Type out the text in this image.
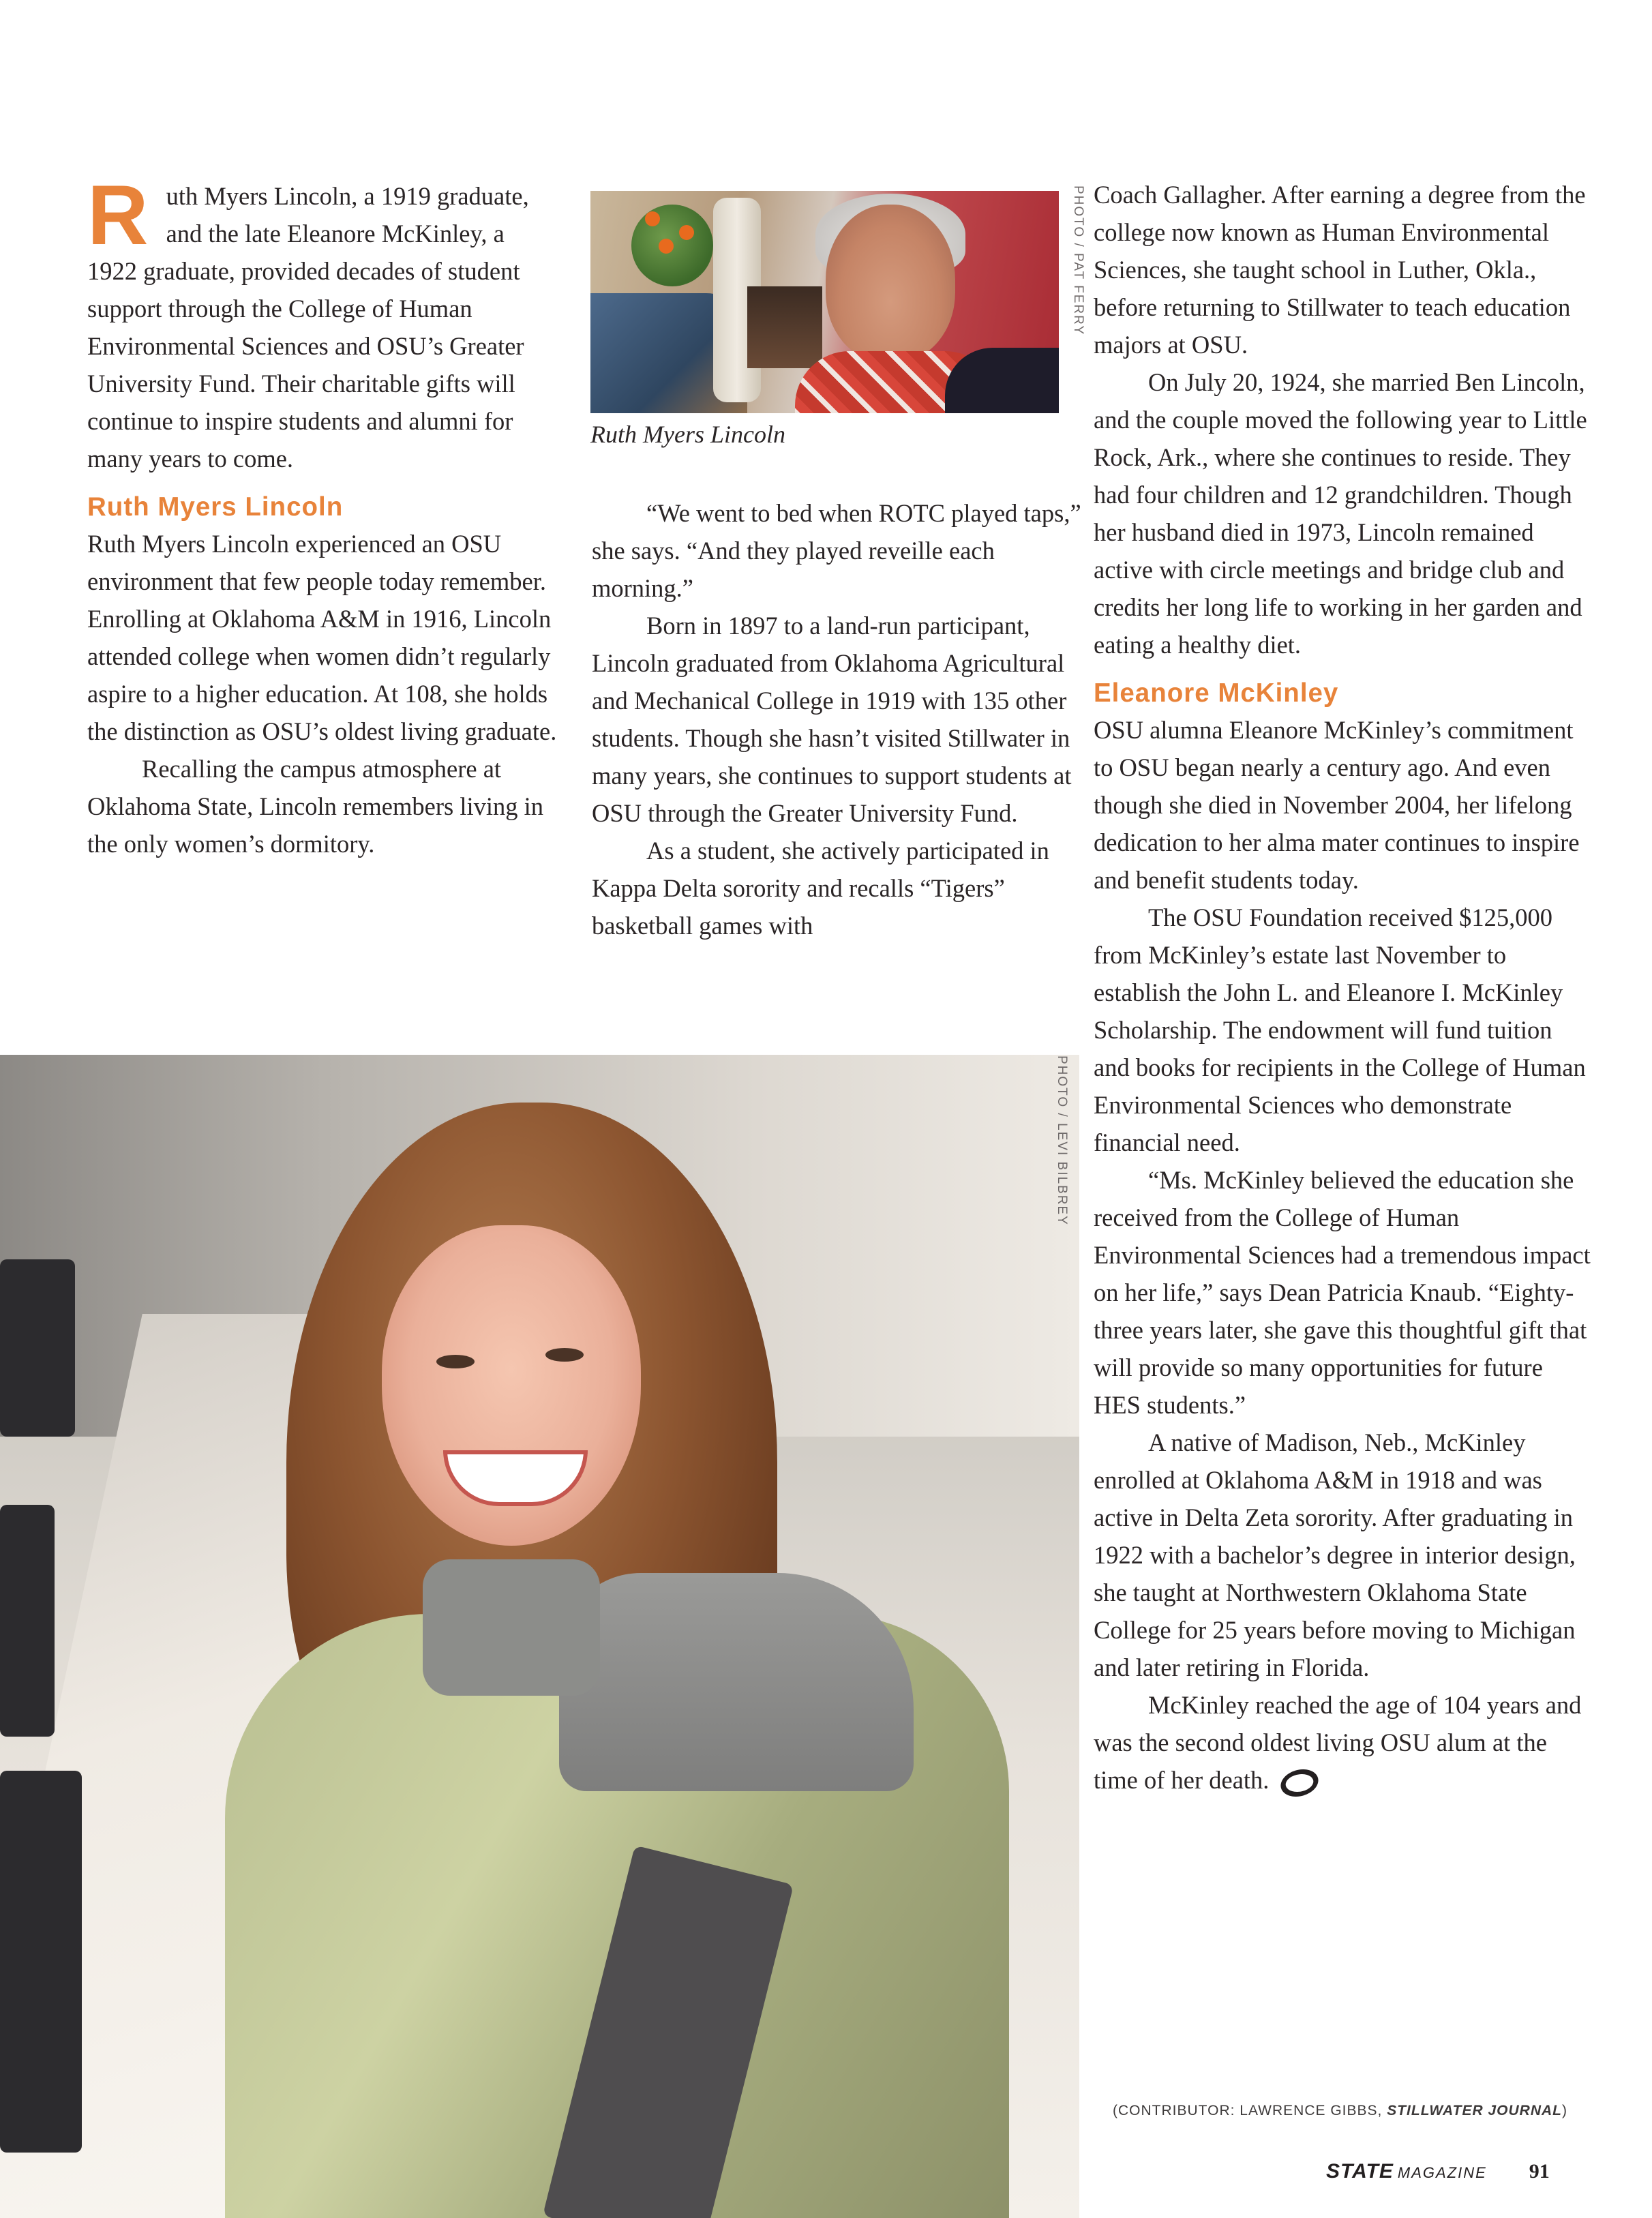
Ruth Myers Lincoln, a 1919 graduate, and the late Eleanore McKinley, a 1922 graduate, provided decades of student support through the College of Human Environmental Sciences and OSU’s Greater University Fund. Their charitable gifts will continue to inspire students and alumni for many years to come.

Ruth Myers Lincoln

Ruth Myers Lincoln experienced an OSU environment that few people today remember. Enrolling at Oklahoma A&M in 1916, Lincoln attended college when women didn’t regularly aspire to a higher education. At 108, she holds the distinction as OSU’s oldest living graduate.

Recalling the campus atmosphere at Oklahoma State, Lincoln remembers living in the only women’s dormitory.

PHOTO / PAT FERRY

Ruth Myers Lincoln

“We went to bed when ROTC played taps,” she says. “And they played reveille each morning.”

Born in 1897 to a land-run participant, Lincoln graduated from Oklahoma Agricultural and Mechanical College in 1919 with 135 other students. Though she hasn’t visited Stillwater in many years, she continues to support students at OSU through the Greater University Fund.

As a student, she actively participated in Kappa Delta sorority and recalls “Tigers” basketball games with

Coach Gallagher. After earning a degree from the college now known as Human Environmental Sciences, she taught school in Luther, Okla., before returning to Stillwater to teach education majors at OSU.

On July 20, 1924, she married Ben Lincoln, and the couple moved the following year to Little Rock, Ark., where she continues to reside. They had four children and 12 grandchildren. Though her husband died in 1973, Lincoln remained active with circle meetings and bridge club and credits her long life to working in her garden and eating a healthy diet.

Eleanore McKinley

OSU alumna Eleanore McKinley’s commitment to OSU began nearly a century ago. And even though she died in November 2004, her lifelong dedication to her alma mater continues to inspire and benefit students today.

The OSU Foundation received $125,000 from McKinley’s estate last November to establish the John L. and Eleanore I. McKinley Scholarship. The endowment will fund tuition and books for recipients in the College of Human Environmental Sciences who demonstrate financial need.

“Ms. McKinley believed the education she received from the College of Human Environmental Sciences had a tremendous impact on her life,” says Dean Patricia Knaub. “Eighty-three years later, she gave this thoughtful gift that will provide so many opportunities for future HES students.”

A native of Madison, Neb., McKinley enrolled at Oklahoma A&M in 1918 and was active in Delta Zeta sorority. After graduating in 1922 with a bachelor’s degree in interior design, she taught at Northwestern Oklahoma State College for 25 years before moving to Michigan and later retiring in Florida.

McKinley reached the age of 104 years and was the second oldest living OSU alum at the time of her death.

PHOTO / LEVI BILBREY

(CONTRIBUTOR: LAWRENCE GIBBS, STILLWATER JOURNAL)

STATE MAGAZINE 91
